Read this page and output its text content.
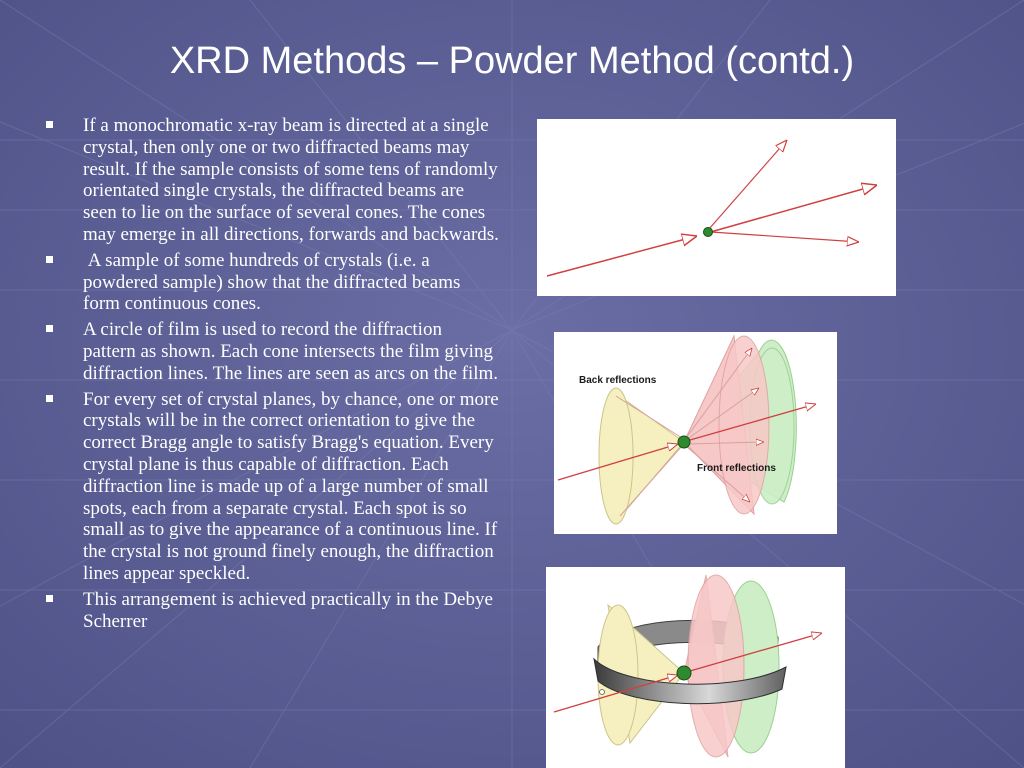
XRD Methods – Powder Method (contd.)
If a monochromatic x-ray beam is directed at a single crystal, then only one or two diffracted beams may result. If the sample consists of some tens of randomly orientated single crystals, the diffracted beams are seen to lie on the surface of several cones. The cones may emerge in all directions, forwards and backwards.
A sample of some hundreds of crystals (i.e. a powdered sample) show that the diffracted beams form continuous cones.
A circle of film is used to record the diffraction pattern as shown. Each cone intersects the film giving diffraction lines. The lines are seen as arcs on the film.
For every set of crystal planes, by chance, one or more crystals will be in the correct orientation to give the correct Bragg angle to satisfy Bragg's equation. Every crystal plane is thus capable of diffraction. Each diffraction line is made up of a large number of small spots, each from a separate crystal. Each spot is so small as to give the appearance of a continuous line. If the crystal is not ground finely enough, the diffraction lines appear speckled.
This arrangement is achieved practically in the Debye Scherrer
Back reflections
Front reflections
